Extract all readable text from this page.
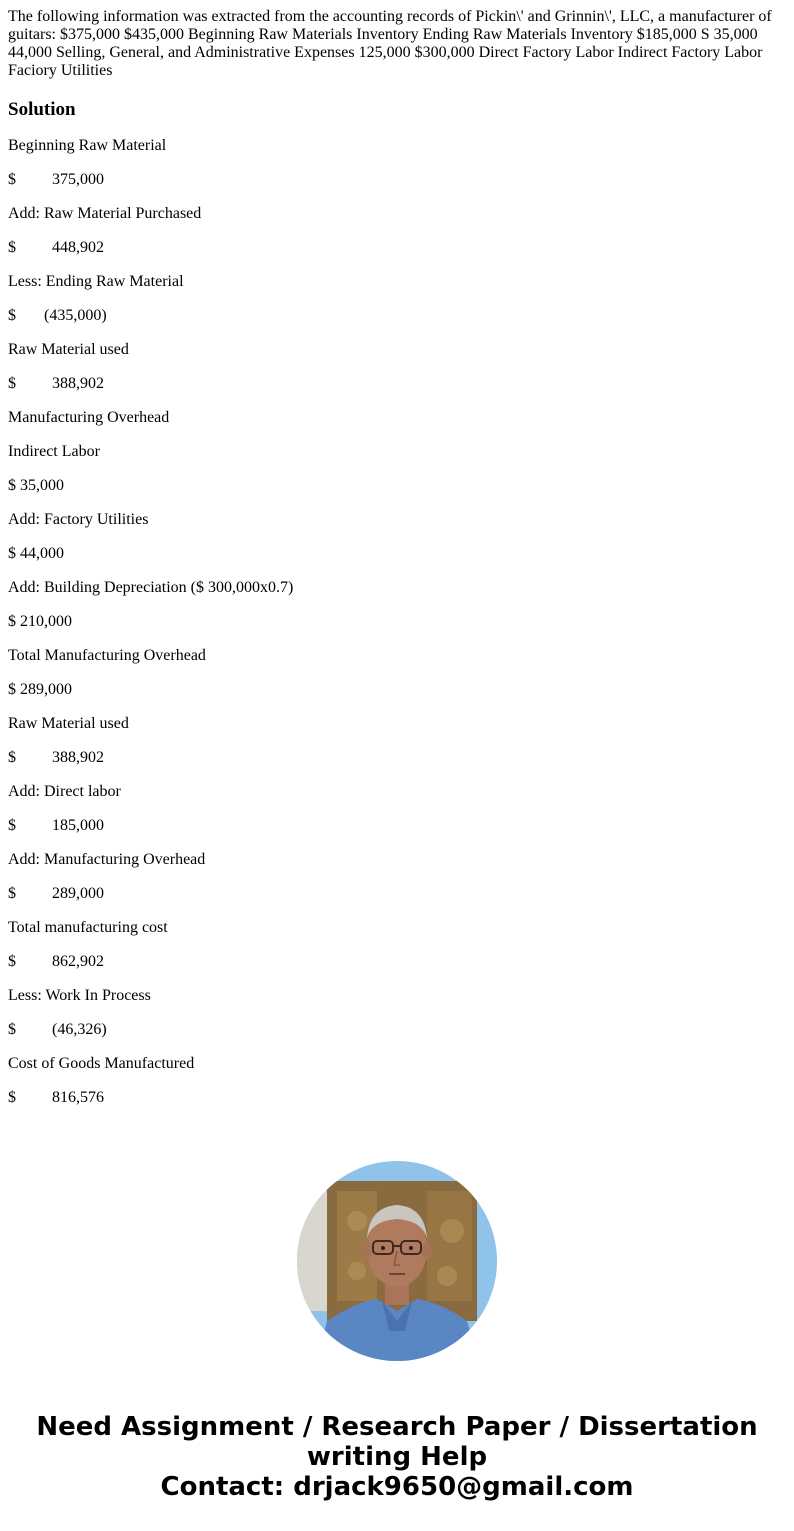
The following information was extracted from the accounting records of Pickin\' and Grinnin\', LLC, a manufacturer of guitars: $375,000 $435,000 Beginning Raw Materials Inventory Ending Raw Materials Inventory $185,000 S 35,000 44,000 Selling, General, and Administrative Expenses 125,000 $300,000 Direct Factory Labor Indirect Factory Labor Faciory Utilities

Solution

Beginning Raw Material

$         375,000

Add: Raw Material Purchased

$         448,902

Less: Ending Raw Material

$       (435,000)

Raw Material used

$         388,902

Manufacturing Overhead

Indirect Labor

$ 35,000

Add: Factory Utilities

$ 44,000

Add: Building Depreciation ($ 300,000x0.7)

$ 210,000

Total Manufacturing Overhead

$ 289,000

Raw Material used

$         388,902

Add: Direct labor

$         185,000

Add: Manufacturing Overhead

$         289,000

Total manufacturing cost

$         862,902

Less: Work In Process

$         (46,326)

Cost of Goods Manufactured

$         816,576

Need Assignment / Research Paper / Dissertation
writing Help
Contact: drjack9650@gmail.com
